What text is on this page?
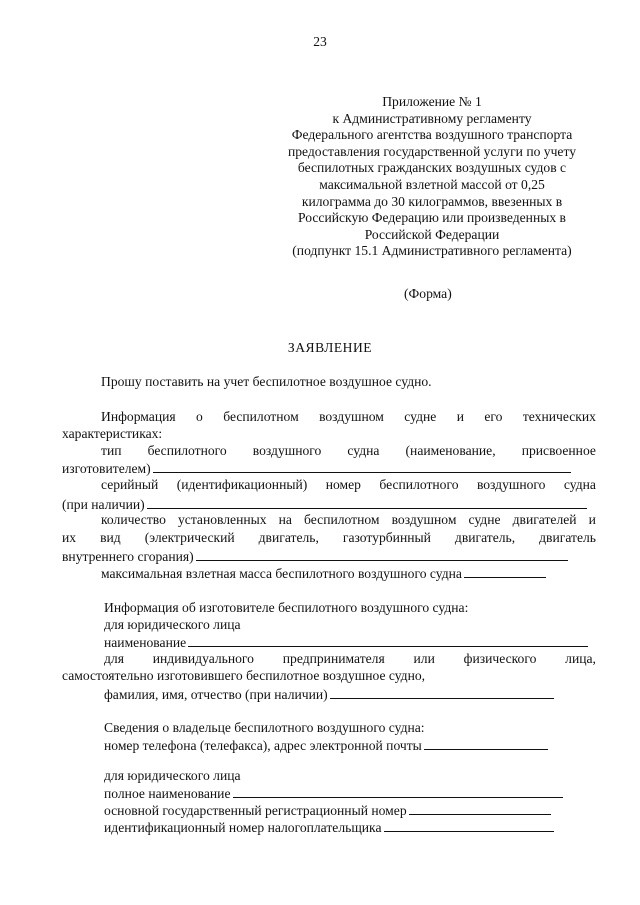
23
Приложение № 1
к Административному регламенту
Федерального агентства воздушного транспорта
предоставления государственной услуги по учету
беспилотных гражданских воздушных судов с
максимальной взлетной массой от 0,25
килограмма до 30 килограммов, ввезенных в
Российскую Федерацию или произведенных в
Российской Федерации
(подпункт 15.1 Административного регламента)
(Форма)
ЗАЯВЛЕНИЕ
Прошу поставить на учет беспилотное воздушное судно.
Информация о беспилотном воздушном судне и его технических
характеристиках:
тип беспилотного воздушного судна (наименование, присвоенное
изготовителем)
серийный (идентификационный) номер беспилотного воздушного судна
(при наличии)
количество установленных на беспилотном воздушном судне двигателей и
их вид (электрический двигатель, газотурбинный двигатель, двигатель
внутреннего сгорания)
максимальная взлетная масса беспилотного воздушного судна
Информация об изготовителе беспилотного воздушного судна:
для юридического лица
наименование
для индивидуального предпринимателя или физического лица,
самостоятельно изготовившего беспилотное воздушное судно,
фамилия, имя, отчество (при наличии)
Сведения о владельце беспилотного воздушного судна:
номер телефона (телефакса), адрес электронной почты
для юридического лица
полное наименование
основной государственный регистрационный номер
идентификационный номер налогоплательщика
